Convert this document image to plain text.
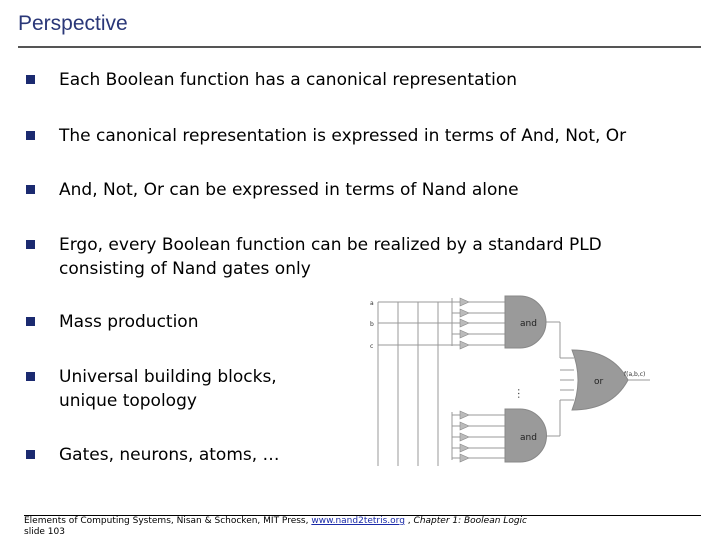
Perspective
Each Boolean function has a canonical representation
The canonical representation is expressed in terms of And, Not, Or
And, Not, Or can be expressed in terms of Nand alone
Ergo, every Boolean function can be realized by a standard PLD
consisting of Nand gates only
Mass production
Universal building blocks,
unique topology
Gates, neurons, atoms, …
and
and
or
a
b
c
f(a,b,c)
…
Elements of Computing Systems, Nisan & Schocken, MIT Press, www.nand2tetris.org , Chapter 1: Boolean Logic
slide 103
